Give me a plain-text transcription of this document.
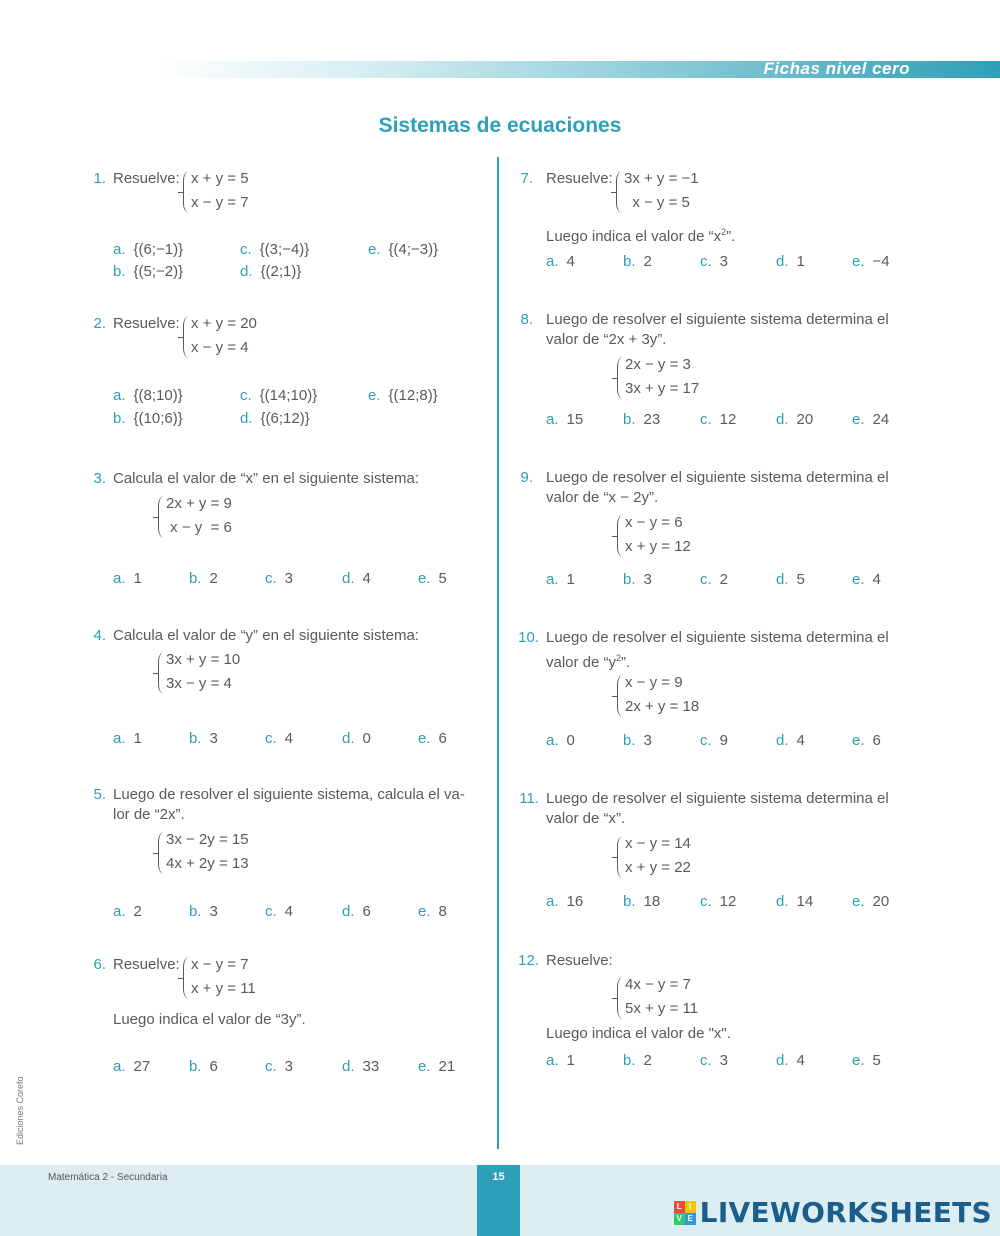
Fichas nivel cero
Sistemas de ecuaciones
1. Resuelve: x + y = 5
x − y = 7
a. {(6;−1)}	c. {(3;−4)}	e. {(4;−3)}
b. {(5;−2)}	d. {(2;1)}
2. Resuelve: x + y = 20
x − y = 4
a. {(8;10)}	c. {(14;10)}	e. {(12;8)}
b. {(10;6)}	d. {(6;12)}
3. Calcula el valor de “x” en el siguiente sistema:
2x + y = 9
x − y  = 6
a. 1	b. 2	c. 3	d. 4	e. 5
4. Calcula el valor de “y” en el siguiente sistema:
3x + y = 10
3x − y = 4
a. 1	b. 3	c. 4	d. 0	e. 6
5. Luego de resolver el siguiente sistema, calcula el va-
lor de “2x”.
3x − 2y = 15
4x + 2y = 13
a. 2	b. 3	c. 4	d. 6	e. 8
6. Resuelve: x − y = 7
x + y = 11
Luego indica el valor de “3y”.
a. 27	b. 6	c. 3	d. 33	e. 21
7. Resuelve: 3x + y = −1
x − y = 5
Luego indica el valor de “$x^2$”.
a. 4	b. 2	c. 3	d. 1	e. −4
8. Luego de resolver el siguiente sistema determina el
valor de “2x + 3y”.
2x − y = 3
3x + y = 17
a. 15	b. 23	c. 12	d. 20	e. 24
9. Luego de resolver el siguiente sistema determina el
valor de “x − 2y”.
x − y = 6
x + y = 12
a. 1	b. 3	c. 2	d. 5	e. 4
10. Luego de resolver el siguiente sistema determina el
valor de “$y^2$”.
x − y = 9
2x + y = 18
a. 0	b. 3	c. 9	d. 4	e. 6
11. Luego de resolver el siguiente sistema determina el
valor de “x”.
x − y = 14
x + y = 22
a. 16	b. 18	c. 12	d. 14	e. 20
12. Resuelve:
4x − y = 7
5x + y = 11
Luego indica el valor de "x".
a. 1	b. 2	c. 3	d. 4	e. 5
Ediciones Corefo
Matemática 2 - Secundaria	15
L I
V E LIVEWORKSHEETS
